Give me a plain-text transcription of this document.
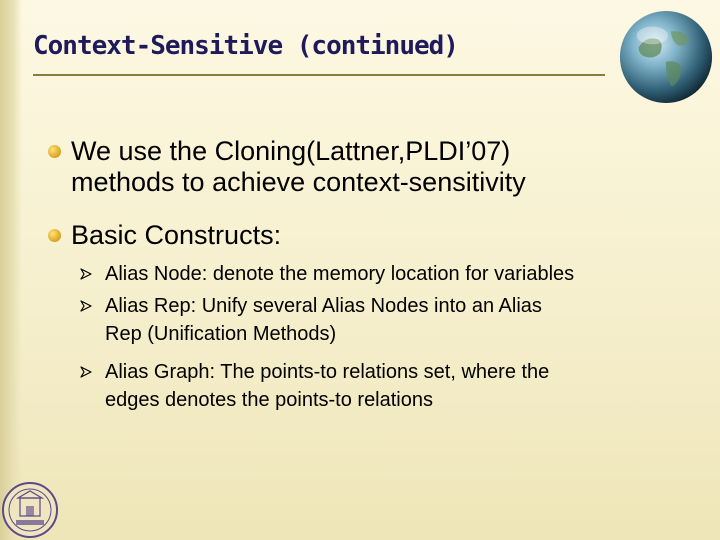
Context-Sensitive (continued)
We use the Cloning(Lattner,PLDI’07)
methods to achieve context-sensitivity
Basic Constructs:
Alias Node: denote the memory location for variables
Alias Rep: Unify several Alias Nodes into an Alias
Rep (Unification Methods)
Alias Graph: The points-to relations set, where the
edges denotes the points-to relations
